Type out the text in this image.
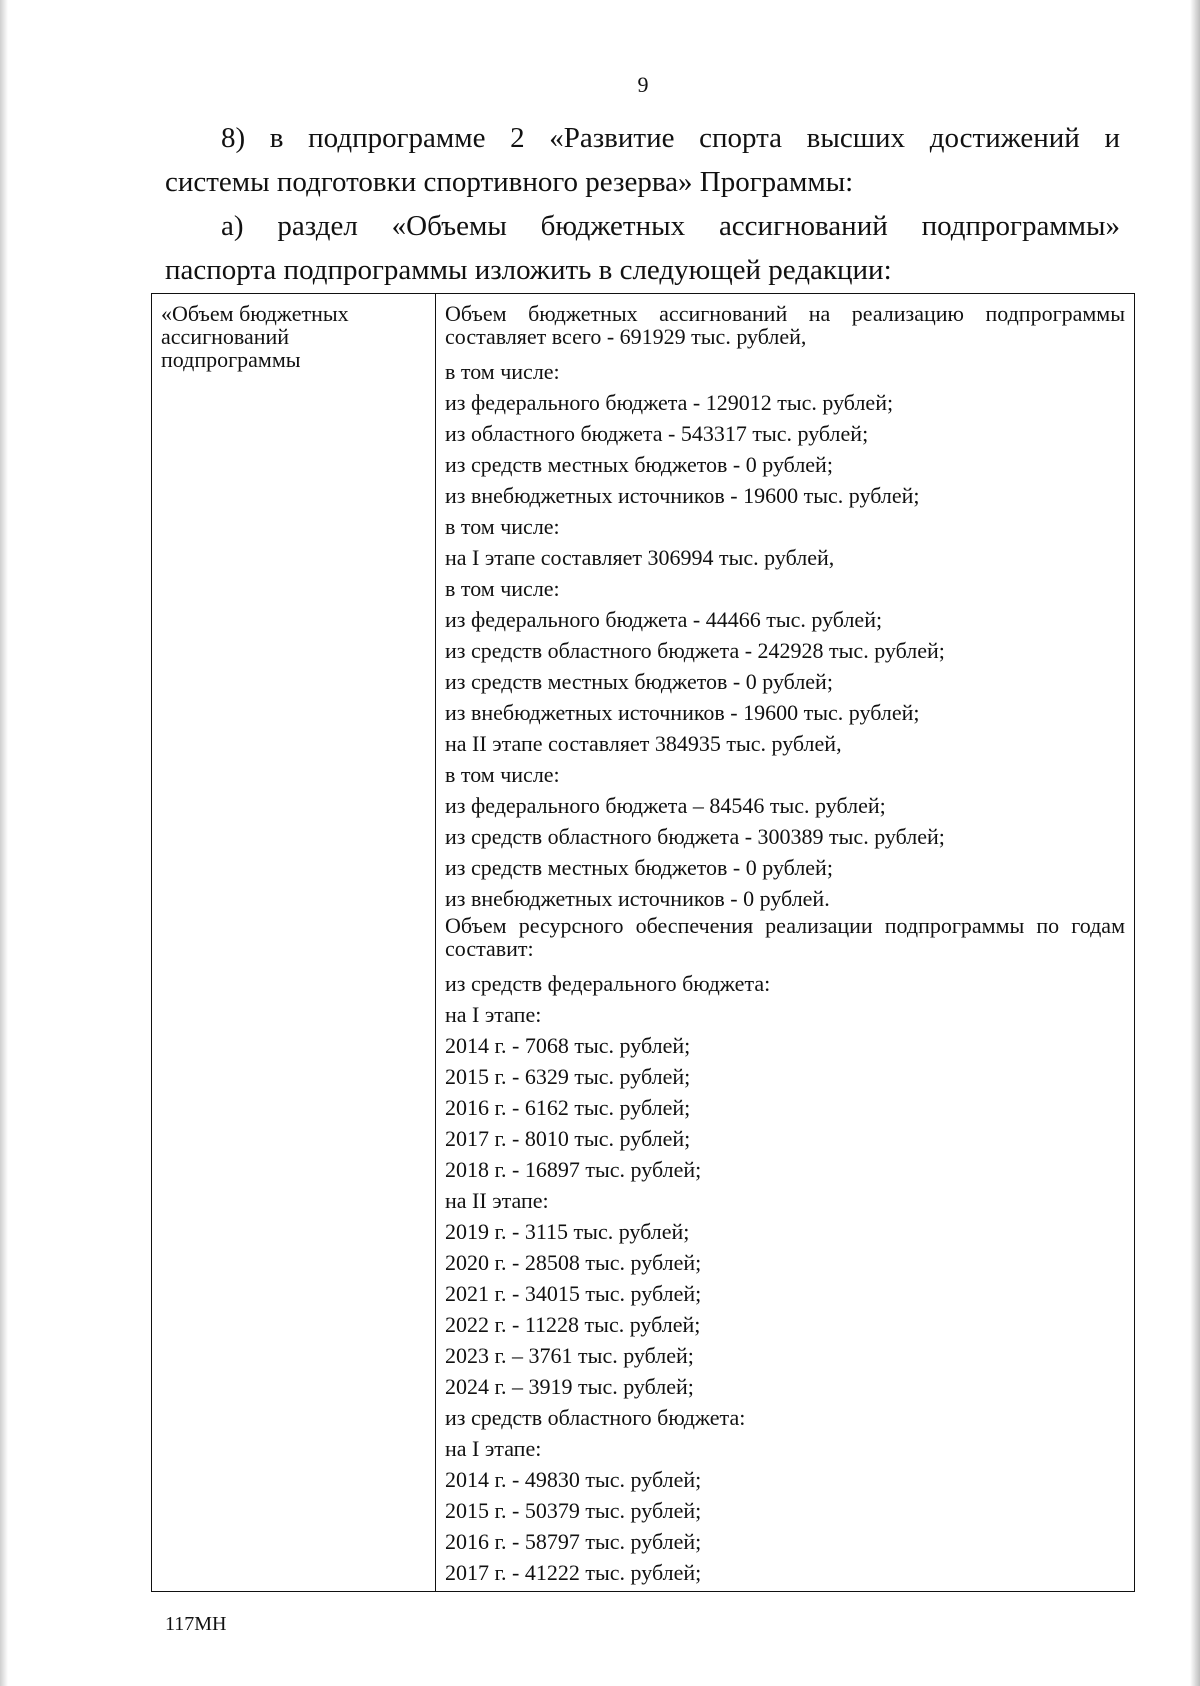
9

8) в подпрограмме 2 «Развитие спорта высших достижений и

системы подготовки спортивного резерва» Программы:

а) раздел «Объемы бюджетных ассигнований подпрограммы»

паспорта подпрограммы изложить в следующей редакции:

«Объем бюджетных ассигнований подпрограммы
Объем бюджетных ассигнований на реализацию подпрограммы составляет всего - 691929 тыс. рублей,
в том числе:
из федерального бюджета - 129012 тыс. рублей;
из областного бюджета - 543317 тыс. рублей;
из средств местных бюджетов - 0 рублей;
из внебюджетных источников - 19600 тыс. рублей;
в том числе:
на I этапе составляет 306994 тыс. рублей,
в том числе:
из федерального бюджета - 44466 тыс. рублей;
из средств областного бюджета - 242928 тыс. рублей;
из средств местных бюджетов - 0 рублей;
из внебюджетных источников - 19600 тыс. рублей;
на II этапе составляет 384935 тыс. рублей,
в том числе:
из федерального бюджета – 84546 тыс. рублей;
из средств областного бюджета - 300389 тыс. рублей;
из средств местных бюджетов - 0 рублей;
из внебюджетных источников - 0 рублей.
Объем ресурсного обеспечения реализации подпрограммы по годам составит:
из средств федерального бюджета:
на I этапе:
2014 г. - 7068 тыс. рублей;
2015 г. - 6329 тыс. рублей;
2016 г. - 6162 тыс. рублей;
2017 г. - 8010 тыс. рублей;
2018 г. - 16897 тыс. рублей;
на II этапе:
2019 г. - 3115 тыс. рублей;
2020 г. - 28508 тыс. рублей;
2021 г. - 34015 тыс. рублей;
2022 г. - 11228 тыс. рублей;
2023 г. – 3761 тыс. рублей;
2024 г. – 3919 тыс. рублей;
из средств областного бюджета:
на I этапе:
2014 г. - 49830 тыс. рублей;
2015 г. - 50379 тыс. рублей;
2016 г. - 58797 тыс. рублей;
2017 г. - 41222 тыс. рублей;
117МН
